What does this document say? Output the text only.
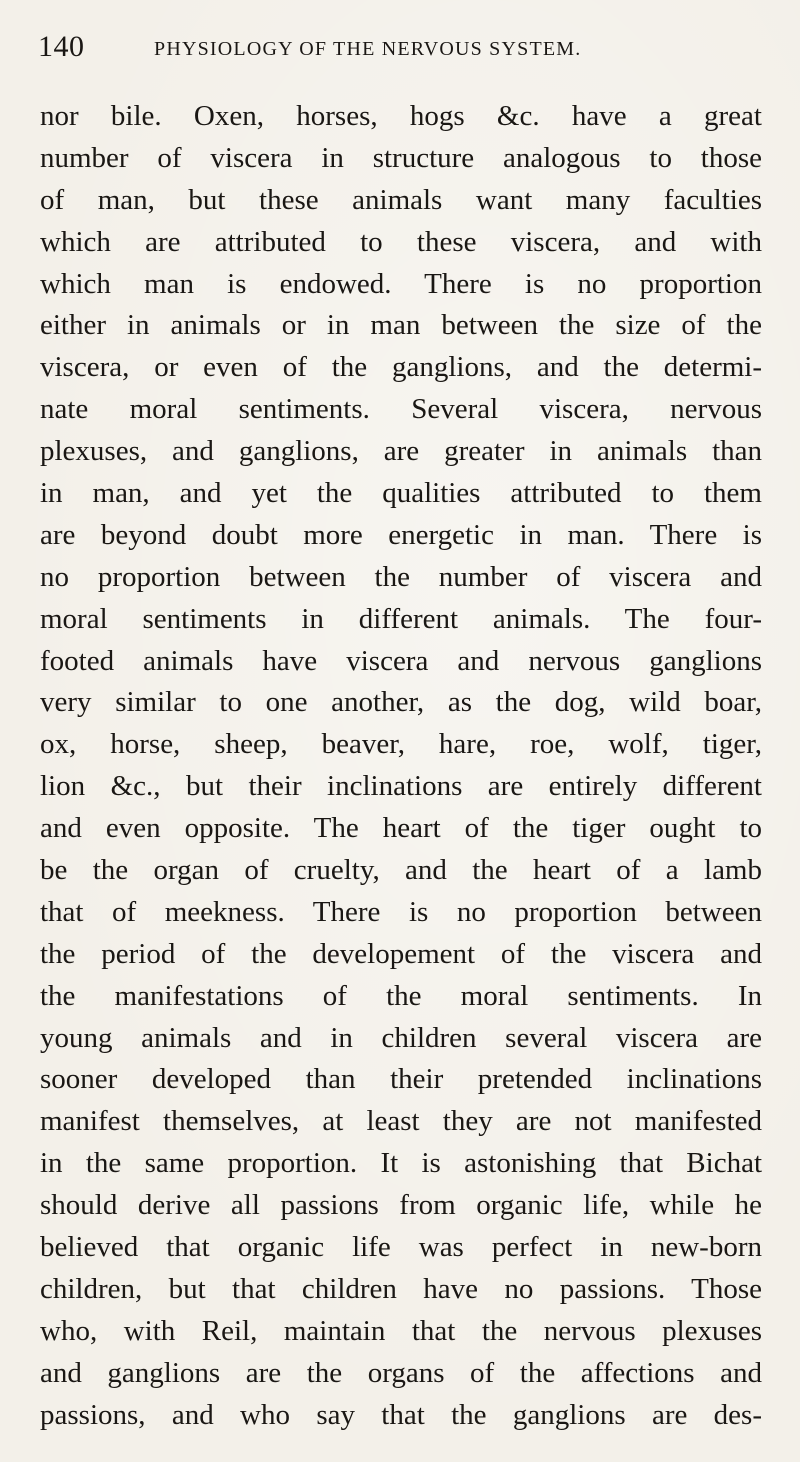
140	PHYSIOLOGY OF THE NERVOUS SYSTEM.
nor bile. Oxen, horses, hogs &c. have a great
number of viscera in structure analogous to those
of man, but these animals want many faculties
which are attributed to these viscera, and with
which man is endowed. There is no proportion
either in animals or in man between the size of the
viscera, or even of the ganglions, and the determi-
nate moral sentiments. Several viscera, nervous
plexuses, and ganglions, are greater in animals than
in man, and yet the qualities attributed to them
are beyond doubt more energetic in man. There is
no proportion between the number of viscera and
moral sentiments in different animals. The four-
footed animals have viscera and nervous ganglions
very similar to one another, as the dog, wild boar,
ox, horse, sheep, beaver, hare, roe, wolf, tiger,
lion &c., but their inclinations are entirely different
and even opposite. The heart of the tiger ought to
be the organ of cruelty, and the heart of a lamb
that of meekness. There is no proportion between
the period of the developement of the viscera and
the manifestations of the moral sentiments. In
young animals and in children several viscera are
sooner developed than their pretended inclinations
manifest themselves, at least they are not manifested
in the same proportion. It is astonishing that Bichat
should derive all passions from organic life, while he
believed that organic life was perfect in new-born
children, but that children have no passions. Those
who, with Reil, maintain that the nervous plexuses
and ganglions are the organs of the affections and
passions, and who say that the ganglions are des-
